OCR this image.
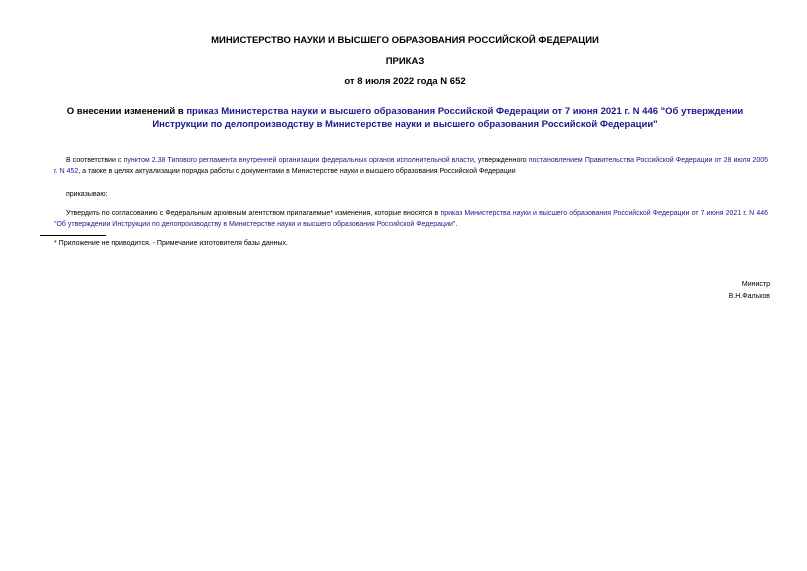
МИНИСТЕРСТВО НАУКИ И ВЫСШЕГО ОБРАЗОВАНИЯ РОССИЙСКОЙ ФЕДЕРАЦИИ
ПРИКАЗ
от 8 июля 2022 года N 652
О внесении изменений в приказ Министерства науки и высшего образования Российской Федерации от 7 июня 2021 г. N 446 "Об утверждении Инструкции по делопроизводству в Министерстве науки и высшего образования Российской Федерации"
В соответствии с пунктом 2.38 Типового регламента внутренней организации федеральных органов исполнительной власти, утвержденного постановлением Правительства Российской Федерации от 28 июля 2005 г. N 452, а также в целях актуализации порядка работы с документами в Министерстве науки и высшего образования Российской Федерации
приказываю:
Утвердить по согласованию с Федеральным архивным агентством прилагаемые* изменения, которые вносятся в приказ Министерства науки и высшего образования Российской Федерации от 7 июня 2021 г. N 446 "Об утверждении Инструкции по делопроизводству в Министерстве науки и высшего образования Российской Федерации".
* Приложение не приводится. - Примечание изготовителя базы данных.
Министр
В.Н.Фальков
